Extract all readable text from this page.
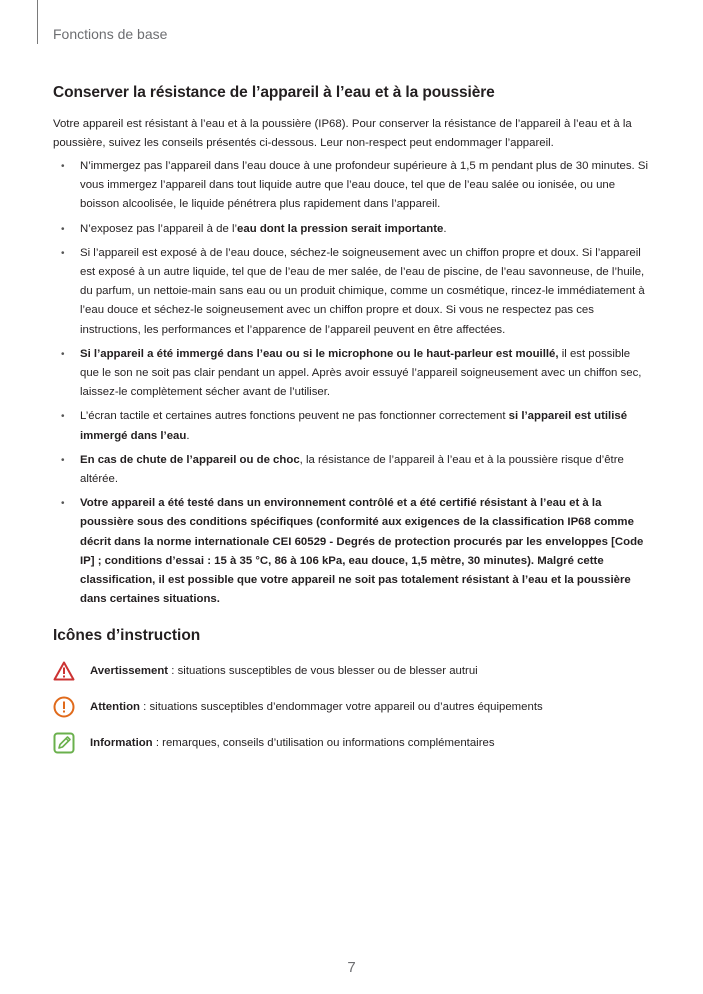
Fonctions de base
Conserver la résistance de l’appareil à l’eau et à la poussière

Votre appareil est résistant à l’eau et à la poussière (IP68). Pour conserver la résistance de l’appareil à l’eau et à la poussière, suivez les conseils présentés ci-dessous. Leur non-respect peut endommager l’appareil.

• N’immergez pas l’appareil dans l’eau douce à une profondeur supérieure à 1,5 m pendant plus de 30 minutes. Si vous immergez l’appareil dans tout liquide autre que l’eau douce, tel que de l’eau salée ou ionisée, ou une boisson alcoolisée, le liquide pénétrera plus rapidement dans l’appareil.
• N’exposez pas l’appareil à de l’eau dont la pression serait importante.
• Si l’appareil est exposé à de l’eau douce, séchez-le soigneusement avec un chiffon propre et doux. Si l’appareil est exposé à un autre liquide, tel que de l’eau de mer salée, de l’eau de piscine, de l’eau savonneuse, de l’huile, du parfum, un nettoie-main sans eau ou un produit chimique, comme un cosmétique, rincez-le immédiatement à l’eau douce et séchez-le soigneusement avec un chiffon propre et doux. Si vous ne respectez pas ces instructions, les performances et l’apparence de l’appareil peuvent en être affectées.
• Si l’appareil a été immergé dans l’eau ou si le microphone ou le haut-parleur est mouillé, il est possible que le son ne soit pas clair pendant un appel. Après avoir essuyé l’appareil soigneusement avec un chiffon sec, laissez-le complètement sécher avant de l’utiliser.
• L’écran tactile et certaines autres fonctions peuvent ne pas fonctionner correctement si l’appareil est utilisé immergé dans l’eau.
• En cas de chute de l’appareil ou de choc, la résistance de l’appareil à l’eau et à la poussière risque d’être altérée.
• Votre appareil a été testé dans un environnement contrôlé et a été certifié résistant à l’eau et à la poussière sous des conditions spécifiques (conformité aux exigences de la classification IP68 comme décrit dans la norme internationale CEI 60529 - Degrés de protection procurés par les enveloppes [Code IP] ; conditions d’essai : 15 à 35 °C, 86 à 106 kPa, eau douce, 1,5 mètre, 30 minutes). Malgré cette classification, il est possible que votre appareil ne soit pas totalement résistant à l’eau et la poussière dans certaines situations.
Icônes d’instruction
Avertissement : situations susceptibles de vous blesser ou de blesser autrui
Attention : situations susceptibles d’endommager votre appareil ou d’autres équipements
Information : remarques, conseils d’utilisation ou informations complémentaires
7
